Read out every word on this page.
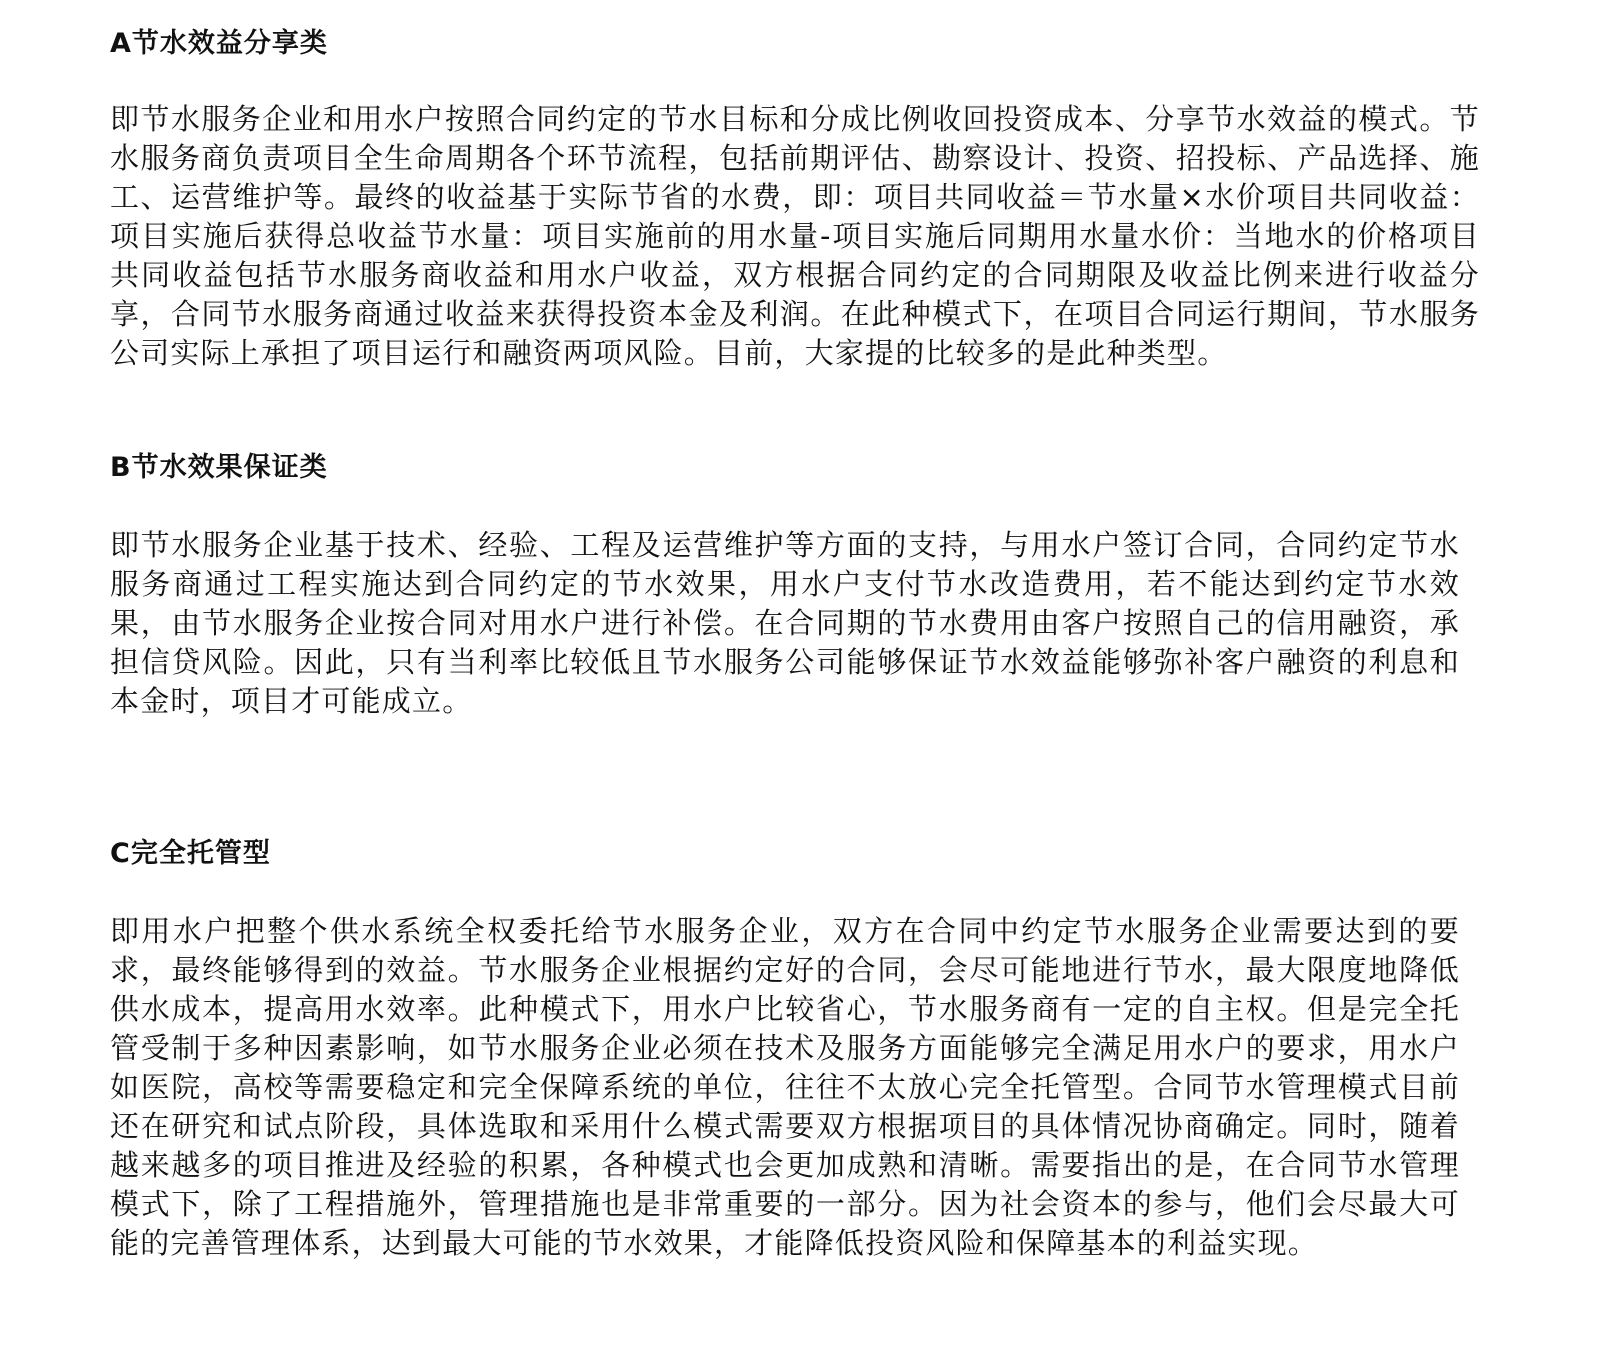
A节水效益分享类

即节水服务企业和用水户按照合同约定的节水目标和分成比例收回投资成本、分享节水效益的模式。节水服务商负责项目全生命周期各个环节流程，包括前期评估、勘察设计、投资、招投标、产品选择、施工、运营维护等。最终的收益基于实际节省的水费，即：项目共同收益＝节水量×水价项目共同收益：项目实施后获得总收益节水量：项目实施前的用水量-项目实施后同期用水量水价：当地水的价格项目共同收益包括节水服务商收益和用水户收益，双方根据合同约定的合同期限及收益比例来进行收益分享，合同节水服务商通过收益来获得投资本金及利润。在此种模式下，在项目合同运行期间，节水服务公司实际上承担了项目运行和融资两项风险。目前，大家提的比较多的是此种类型。

B节水效果保证类

即节水服务企业基于技术、经验、工程及运营维护等方面的支持，与用水户签订合同，合同约定节水服务商通过工程实施达到合同约定的节水效果，用水户支付节水改造费用，若不能达到约定节水效果，由节水服务企业按合同对用水户进行补偿。在合同期的节水费用由客户按照自己的信用融资，承担信贷风险。因此，只有当利率比较低且节水服务公司能够保证节水效益能够弥补客户融资的利息和本金时，项目才可能成立。

C完全托管型

即用水户把整个供水系统全权委托给节水服务企业，双方在合同中约定节水服务企业需要达到的要求，最终能够得到的效益。节水服务企业根据约定好的合同，会尽可能地进行节水，最大限度地降低供水成本，提高用水效率。此种模式下，用水户比较省心，节水服务商有一定的自主权。但是完全托管受制于多种因素影响，如节水服务企业必须在技术及服务方面能够完全满足用水户的要求，用水户如医院，高校等需要稳定和完全保障系统的单位，往往不太放心完全托管型。合同节水管理模式目前还在研究和试点阶段，具体选取和采用什么模式需要双方根据项目的具体情况协商确定。同时，随着越来越多的项目推进及经验的积累，各种模式也会更加成熟和清晰。需要指出的是，在合同节水管理模式下，除了工程措施外，管理措施也是非常重要的一部分。因为社会资本的参与，他们会尽最大可能的完善管理体系，达到最大可能的节水效果，才能降低投资风险和保障基本的利益实现。
